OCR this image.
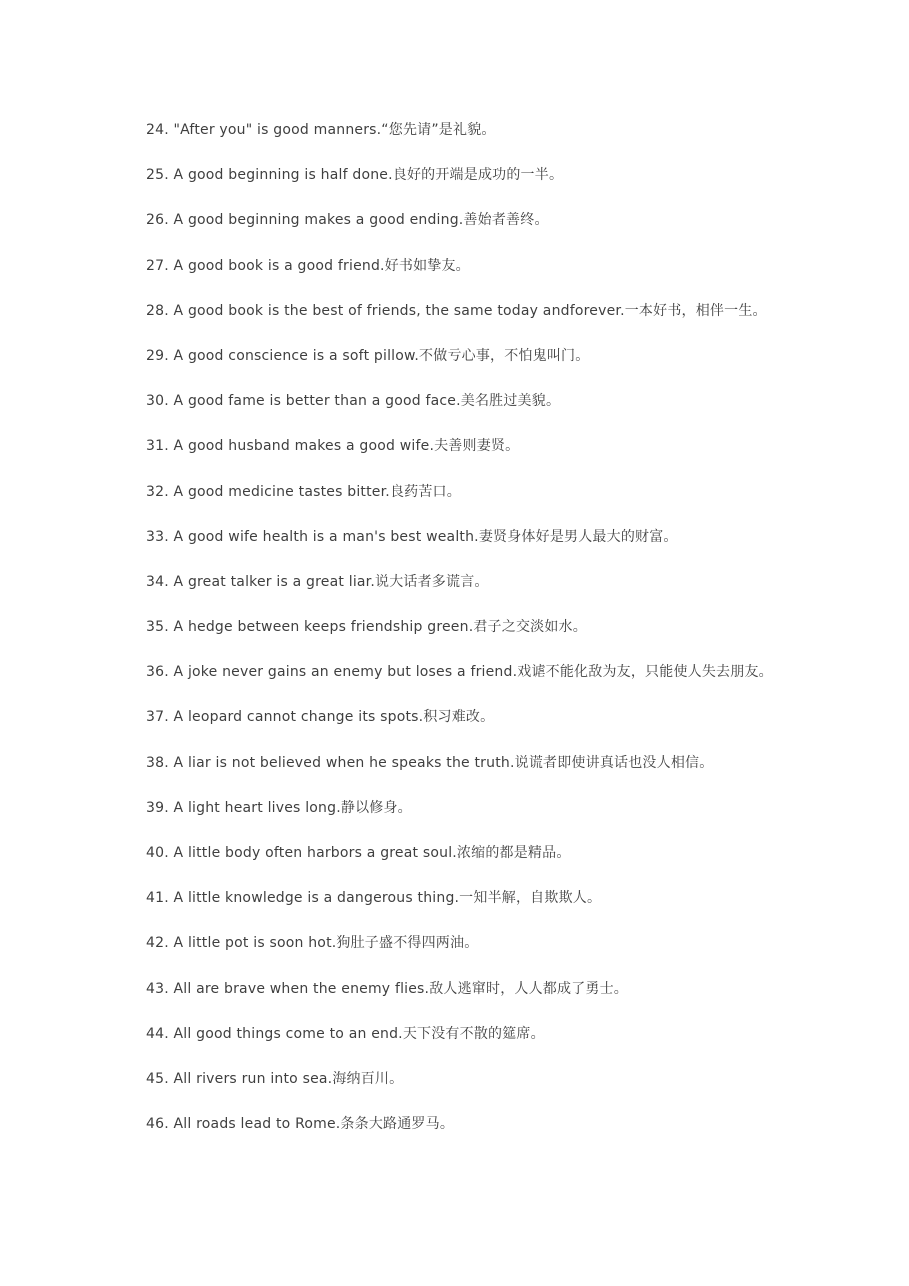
24. "After you" is good manners.“您先请”是礼貌。
25. A good beginning is half done.良好的开端是成功的一半。
26. A good beginning makes a good ending.善始者善终。
27. A good book is a good friend.好书如挚友。
28. A good book is the best of friends, the same today andforever.一本好书，相伴一生。
29. A good conscience is a soft pillow.不做亏心事，不怕鬼叫门。
30. A good fame is better than a good face.美名胜过美貌。
31. A good husband makes a good wife.夫善则妻贤。
32. A good medicine tastes bitter.良药苦口。
33. A good wife health is a man's best wealth.妻贤身体好是男人最大的财富。
34. A great talker is a great liar.说大话者多谎言。
35. A hedge between keeps friendship green.君子之交淡如水。
36. A joke never gains an enemy but loses a friend.戏谑不能化敌为友，只能使人失去朋友。
37. A leopard cannot change its spots.积习难改。
38. A liar is not believed when he speaks the truth.说谎者即使讲真话也没人相信。
39. A light heart lives long.静以修身。
40. A little body often harbors a great soul.浓缩的都是精品。
41. A little knowledge is a dangerous thing.一知半解，自欺欺人。
42. A little pot is soon hot.狗肚子盛不得四两油。
43. All are brave when the enemy flies.敌人逃窜时，人人都成了勇士。
44. All good things come to an end.天下没有不散的筵席。
45. All rivers run into sea.海纳百川。
46. All roads lead to Rome.条条大路通罗马。
